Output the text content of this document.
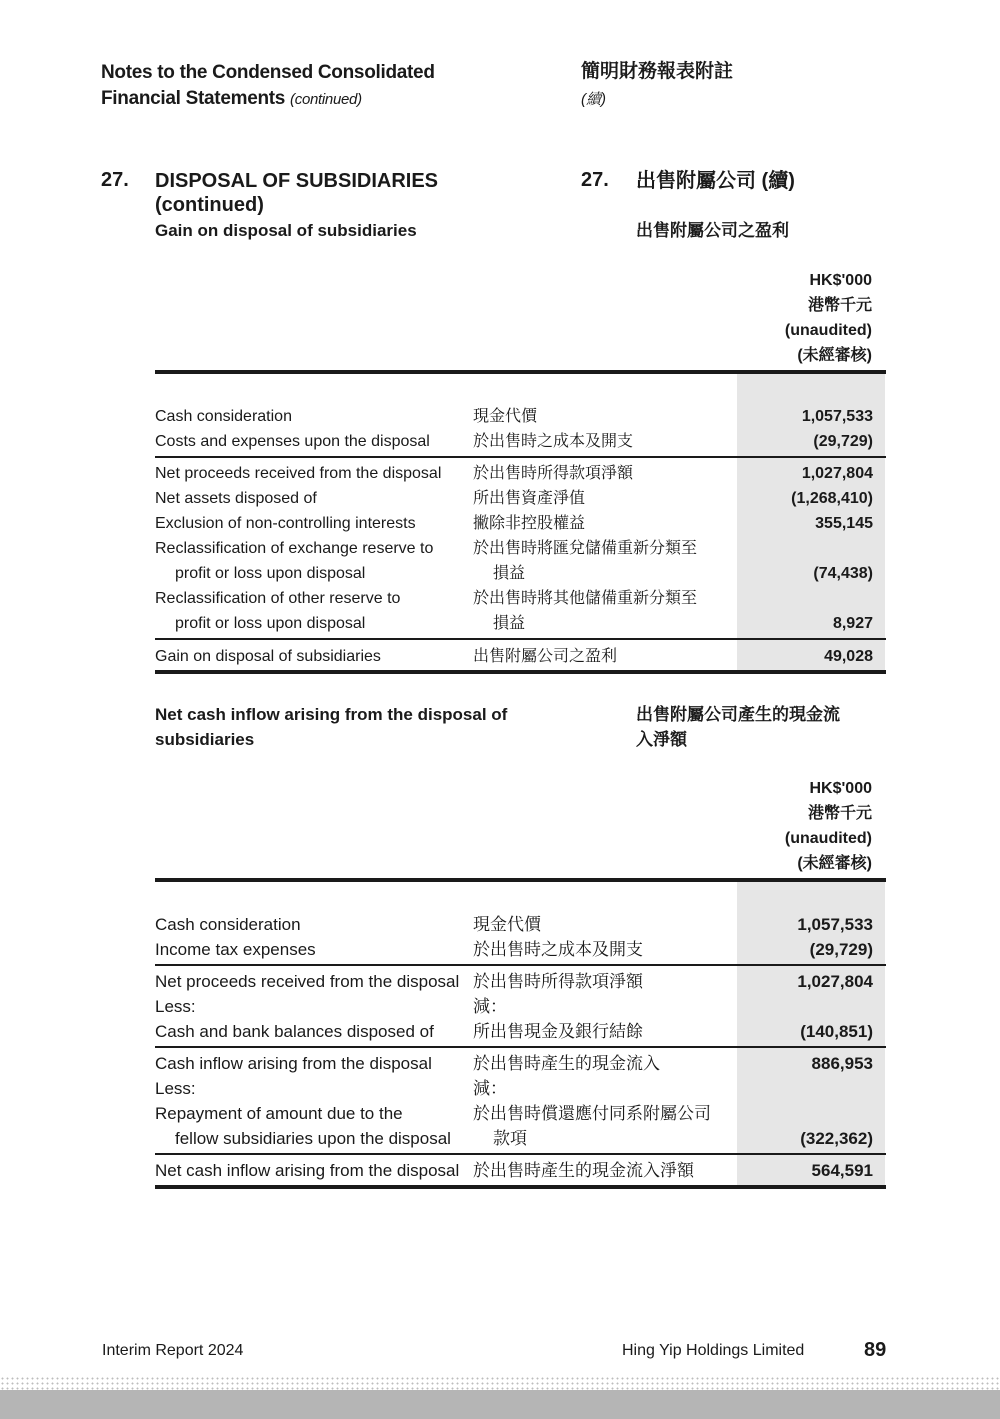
Notes to the Condensed Consolidated
Financial Statements (continued)
簡明財務報表附註
(續)
27. DISPOSAL OF SUBSIDIARIES
(continued)
27. 出售附屬公司 (續)
Gain on disposal of subsidiaries	出售附屬公司之盈利
HK$'000
港幣千元
(unaudited)
(未經審核)
Cash consideration	現金代價	1,057,533
Costs and expenses upon the disposal	於出售時之成本及開支	(29,729)
Net proceeds received from the disposal 於出售時所得款項淨額	1,027,804
Net assets disposed of	所出售資產淨值	(1,268,410)
Exclusion of non-controlling interests	撇除非控股權益	355,145
Reclassification of exchange reserve to 於出售時將匯兌儲備重新分類至
profit or loss upon disposal	損益	(74,438)
Reclassification of other reserve to	於出售時將其他儲備重新分類至
profit or loss upon disposal	損益	8,927
Gain on disposal of subsidiaries	出售附屬公司之盈利	49,028
Net cash inflow arising from the disposal of
subsidiaries
出售附屬公司產生的現金流
入淨額
HK$'000
港幣千元
(unaudited)
(未經審核)
Cash consideration	現金代價	1,057,533
Income tax expenses	於出售時之成本及開支	(29,729)
Net proceeds received from the disposal 於出售時所得款項淨額	1,027,804
Less:	減：
Cash and bank balances disposed of 所出售現金及銀行結餘	(140,851)
Cash inflow arising from the disposal 於出售時產生的現金流入	886,953
Less:	減：
Repayment of amount due to the	於出售時償還應付同系附屬公司
fellow subsidiaries upon the disposal 款項	(322,362)
Net cash inflow arising from the disposal 於出售時產生的現金流入淨額	564,591
Interim Report 2024	Hing Yip Holdings Limited	89
